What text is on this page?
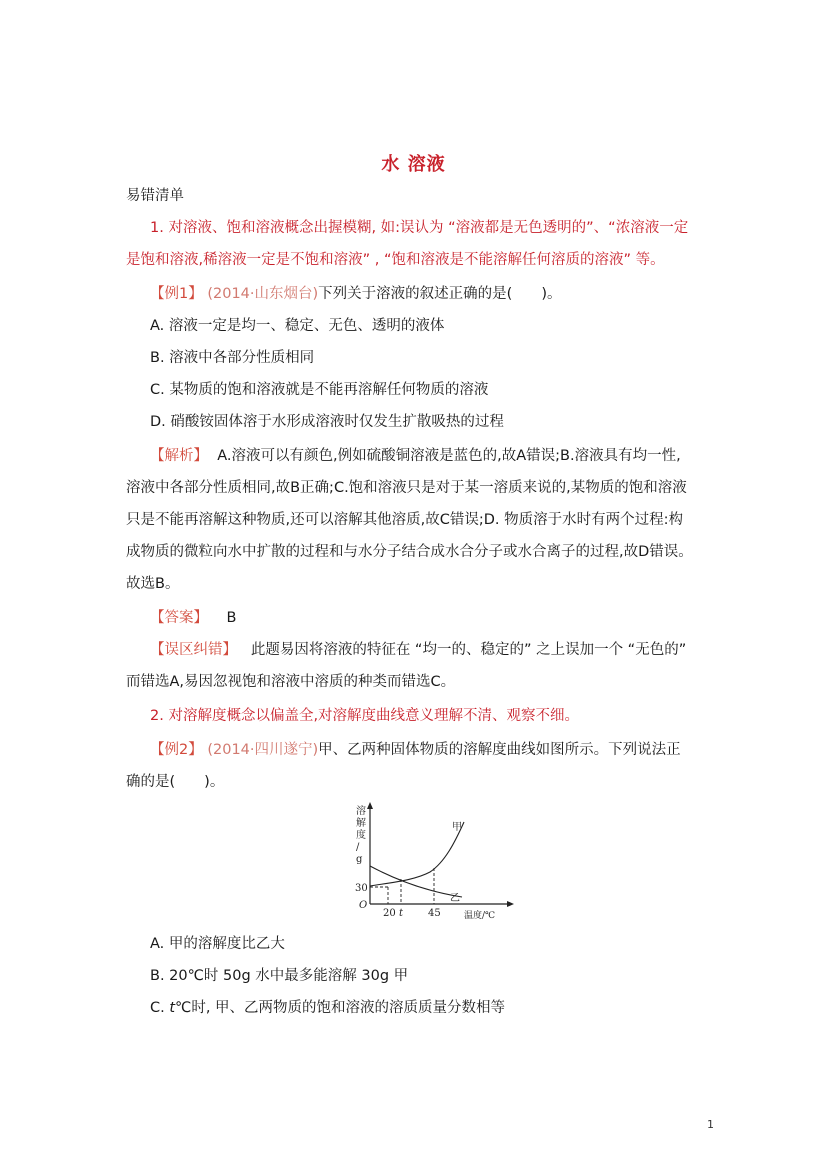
水 溶液
易错清单
1. 对溶液、饱和溶液概念出握模糊, 如:误认为 “溶液都是无色透明的”、“浓溶液一定
是饱和溶液,稀溶液一定是不饱和溶液” , “饱和溶液是不能溶解任何溶质的溶液” 等。
【例1】 (2014·山东烟台)下列关于溶液的叙述正确的是(　　)。
A. 溶液一定是均一、稳定、无色、透明的液体
B. 溶液中各部分性质相同
C. 某物质的饱和溶液就是不能再溶解任何物质的溶液
D. 硝酸铵固体溶于水形成溶液时仅发生扩散吸热的过程
【解析】 A.溶液可以有颜色,例如硫酸铜溶液是蓝色的,故A错误;B.溶液具有均一性,
溶液中各部分性质相同,故B正确;C.饱和溶液只是对于某一溶质来说的,某物质的饱和溶液
只是不能再溶解这种物质,还可以溶解其他溶质,故C错误;D. 物质溶于水时有两个过程:构
成物质的微粒向水中扩散的过程和与水分子结合成水合分子或水合离子的过程,故D错误。
故选B。
【答案】 B
【误区纠错】 此题易因将溶液的特征在 “均一的、稳定的” 之上误加一个 “无色的”
而错选A,易因忽视饱和溶液中溶质的种类而错选C。
2. 对溶解度概念以偏盖全,对溶解度曲线意义理解不清、观察不细。
【例2】 (2014·四川遂宁)甲、乙两种固体物质的溶解度曲线如图所示。下列说法正
确的是(　　)。
溶解度/ g
甲
乙
30
O
20 t 45	温度/℃
A. 甲的溶解度比乙大
B. 20℃时 50g 水中最多能溶解 30g 甲
C. t℃时, 甲、乙两物质的饱和溶液的溶质质量分数相等
1
